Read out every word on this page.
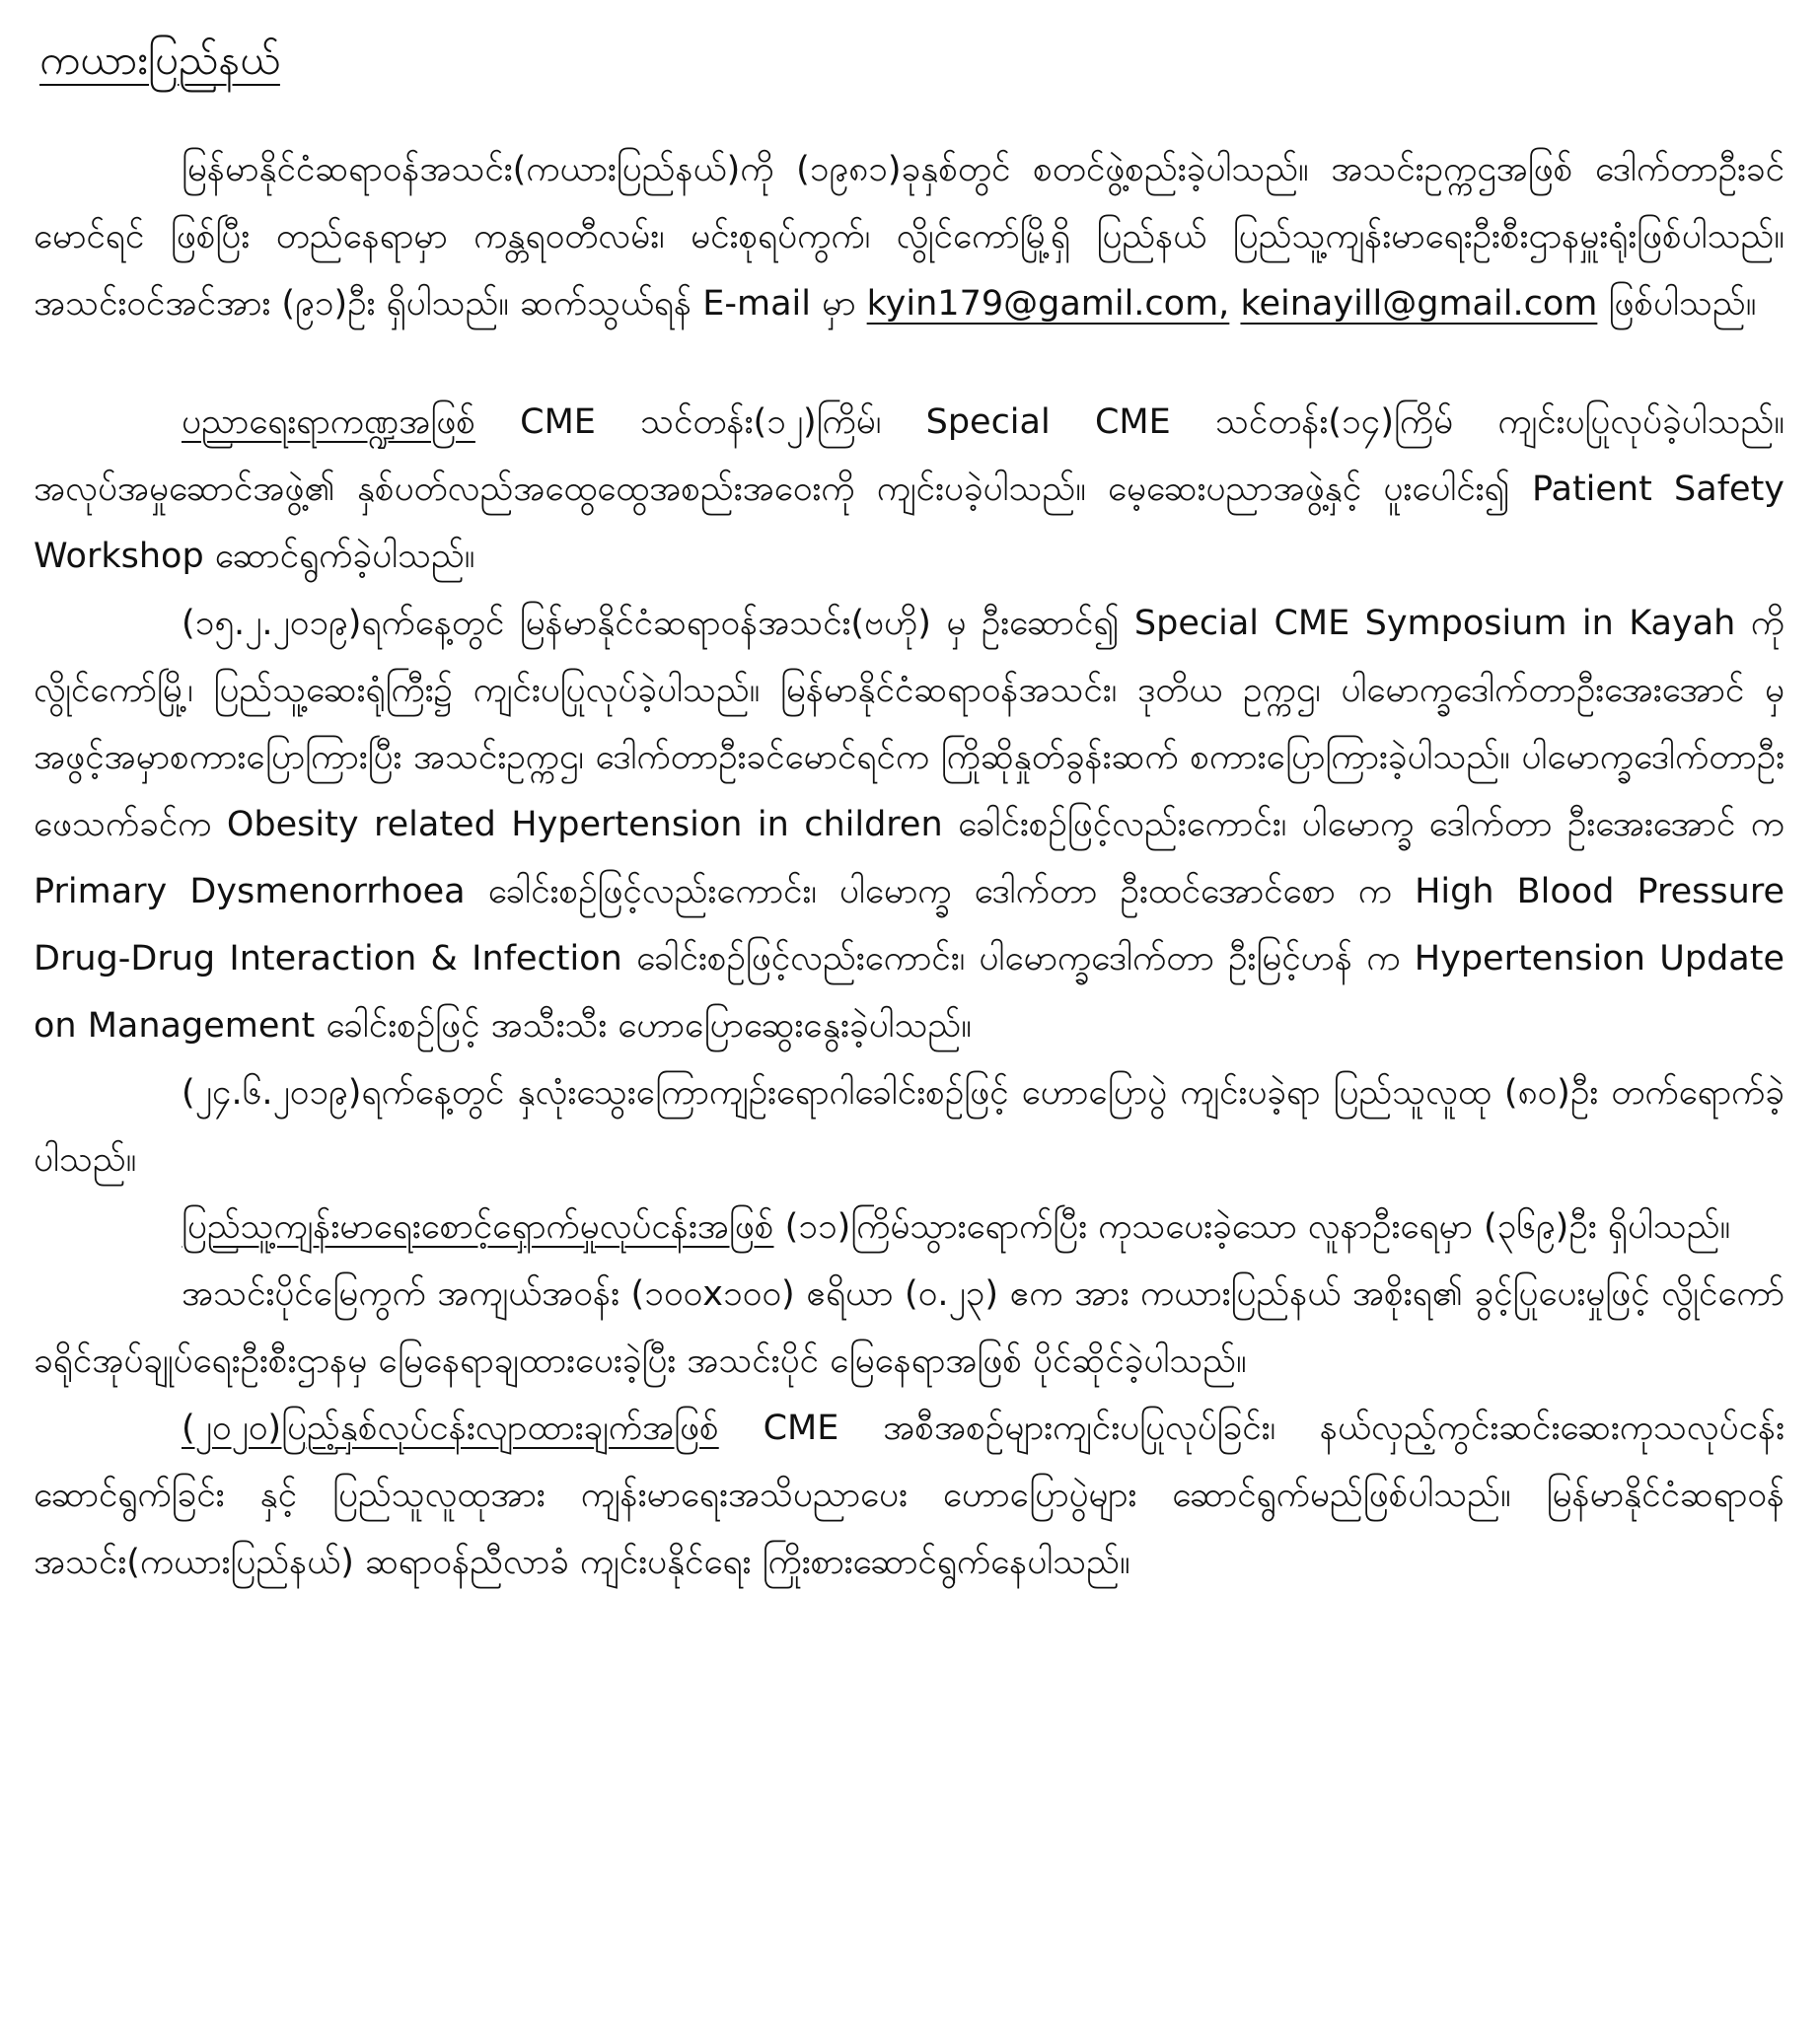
ကယားပြည်နယ်

မြန်မာနိုင်ငံဆရာဝန်အသင်း(ကယားပြည်နယ်)ကို (၁၉၈၁)ခုနှစ်တွင် စတင်ဖွဲ့စည်းခဲ့ပါသည်။ အသင်းဥက္ကဌအဖြစ် ဒေါက်တာဦးခင်မောင်ရင် ဖြစ်ပြီး တည်နေရာမှာ ကန္တရဝတီလမ်း၊ မင်းစုရပ်ကွက်၊ လွိုင်ကော်မြို့ရှိ ပြည်နယ် ပြည်သူ့ကျန်းမာရေးဦးစီးဌာနမှူးရုံးဖြစ်ပါသည်။ အသင်းဝင်အင်အား (၉၁)ဦး ရှိပါသည်။ ဆက်သွယ်ရန် E-mail မှာ kyin179@gamil.com, keinayill@gmail.com ဖြစ်ပါသည်။

ပညာရေးရာကဏ္ဍအဖြစ် CME သင်တန်း(၁၂)ကြိမ်၊ Special CME သင်တန်း(၁၄)ကြိမ် ကျင်းပပြုလုပ်ခဲ့ပါသည်။ အလုပ်အမှုဆောင်အဖွဲ့၏ နှစ်ပတ်လည်အထွေထွေအစည်းအဝေးကို ကျင်းပခဲ့ပါသည်။ မေ့ဆေးပညာအဖွဲ့နှင့် ပူးပေါင်း၍ Patient Safety Workshop ဆောင်ရွက်ခဲ့ပါသည်။

(၁၅.၂.၂၀၁၉)ရက်နေ့တွင် မြန်မာနိုင်ငံဆရာဝန်အသင်း(ဗဟို) မှ ဦးဆောင်၍ Special CME Symposium in Kayah ကို လွိုင်ကော်မြို့၊ ပြည်သူ့ဆေးရုံကြီး၌ ကျင်းပပြုလုပ်ခဲ့ပါသည်။ မြန်မာနိုင်ငံဆရာဝန်အသင်း၊ ဒုတိယ ဥက္ကဌ၊ ပါမောက္ခဒေါက်တာဦးအေးအောင် မှ အဖွင့်အမှာစကားပြောကြားပြီး အသင်းဥက္ကဌ၊ ဒေါက်တာဦးခင်မောင်ရင်က ကြိုဆိုနှုတ်ခွန်းဆက် စကားပြောကြားခဲ့ပါသည်။ ပါမောက္ခဒေါက်တာဦးဖေသက်ခင်က Obesity related Hypertension in children ခေါင်းစဉ်ဖြင့်လည်းကောင်း၊ ပါမောက္ခ ဒေါက်တာ ဦးအေးအောင် က Primary Dysmenorrhoea ခေါင်းစဉ်ဖြင့်လည်းကောင်း၊ ပါမောက္ခ ဒေါက်တာ ဦးထင်အောင်စော က High Blood Pressure Drug-Drug Interaction & Infection ခေါင်းစဉ်ဖြင့်လည်းကောင်း၊ ပါမောက္ခဒေါက်တာ ဦးမြင့်ဟန် က Hypertension Update on Management ခေါင်းစဉ်ဖြင့် အသီးသီး ဟောပြောဆွေးနွေးခဲ့ပါသည်။

(၂၄.၆.၂၀၁၉)ရက်နေ့တွင် နှလုံးသွေးကြောကျဉ်းရောဂါခေါင်းစဉ်ဖြင့် ဟောပြောပွဲ ကျင်းပခဲ့ရာ ပြည်သူလူထု (၈၀)ဦး တက်ရောက်ခဲ့ပါသည်။

ပြည်သူ့ကျန်းမာရေးစောင့်ရှောက်မှုလုပ်ငန်းအဖြစ် (၁၁)ကြိမ်သွားရောက်ပြီး ကုသပေးခဲ့သော လူနာဦးရေမှာ (၃၆၉)ဦး ရှိပါသည်။

အသင်းပိုင်မြေကွက် အကျယ်အဝန်း (၁၀၀x၁၀၀) ဧရိယာ (၀.၂၃) ဧက အား ကယားပြည်နယ် အစိုးရ၏ ခွင့်ပြုပေးမှုဖြင့် လွိုင်ကော် ခရိုင်အုပ်ချုပ်ရေးဦးစီးဌာနမှ မြေနေရာချထားပေးခဲ့ပြီး အသင်းပိုင် မြေနေရာအဖြစ် ပိုင်ဆိုင်ခဲ့ပါသည်။

(၂၀၂၀)ပြည့်နှစ်လုပ်ငန်းလျာထားချက်အဖြစ် CME အစီအစဉ်များကျင်းပပြုလုပ်ခြင်း၊ နယ်လှည့်ကွင်းဆင်းဆေးကုသလုပ်ငန်းဆောင်ရွက်ခြင်း နှင့် ပြည်သူလူထုအား ကျန်းမာရေးအသိပညာပေး ဟောပြောပွဲများ ဆောင်ရွက်မည်ဖြစ်ပါသည်။ မြန်မာနိုင်ငံဆရာဝန်အသင်း(ကယားပြည်နယ်) ဆရာဝန်ညီလာခံ ကျင်းပနိုင်ရေး ကြိုးစားဆောင်ရွက်နေပါသည်။
